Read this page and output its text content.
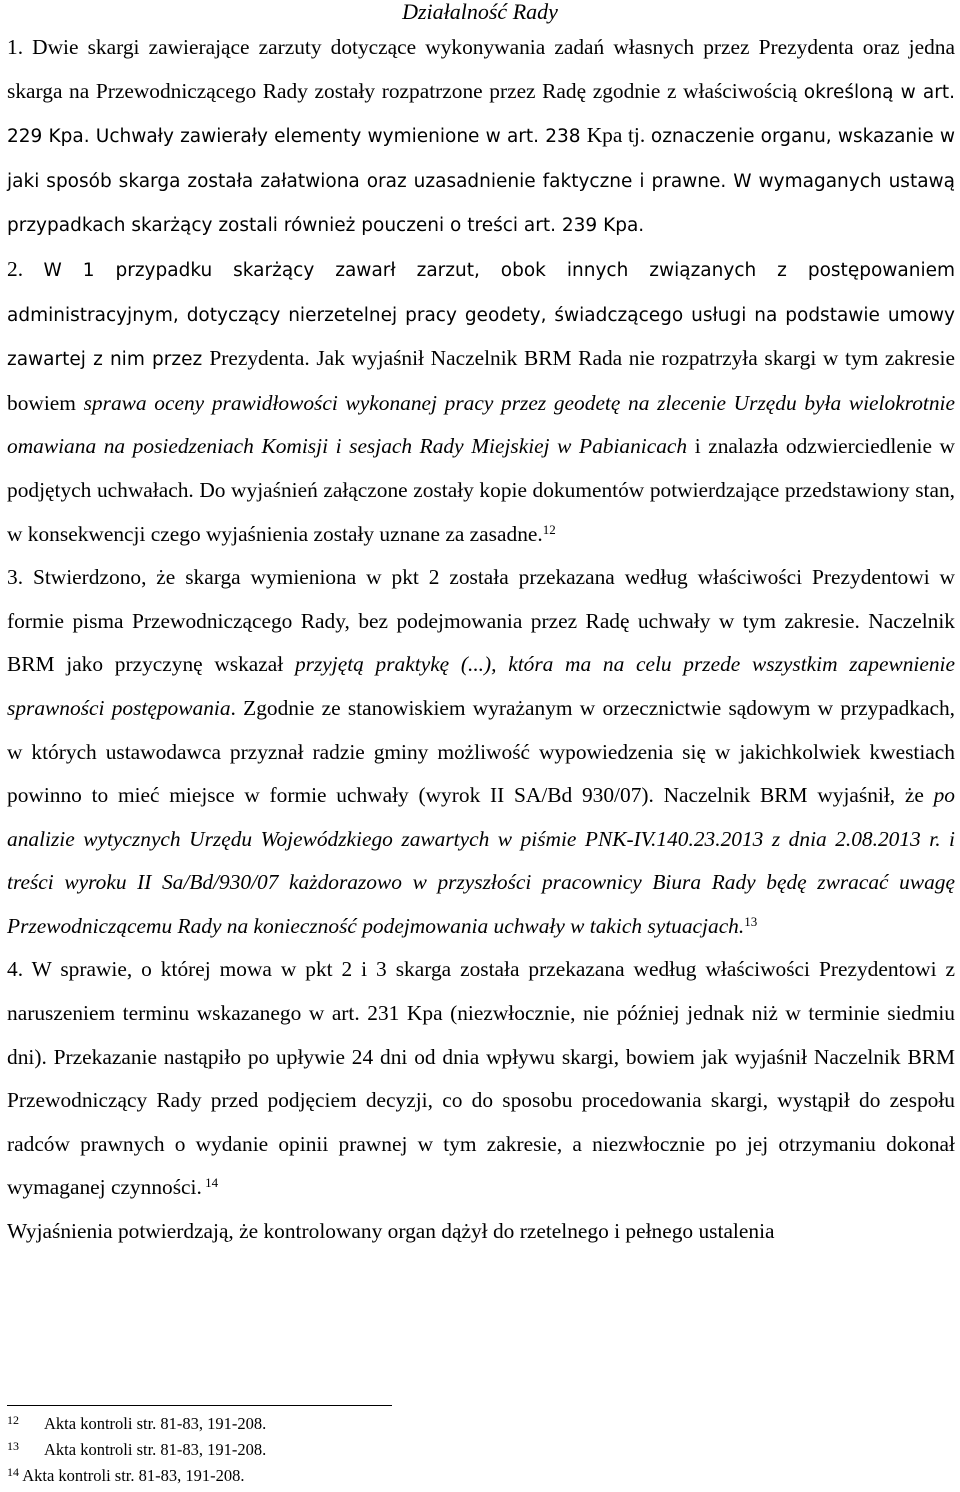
Działalność Rady

1. Dwie skargi zawierające zarzuty dotyczące wykonywania zadań własnych przez Prezydenta oraz jedna skarga na Przewodniczącego Rady zostały rozpatrzone przez Radę zgodnie z właściwością określoną w art. 229 Kpa. Uchwały zawierały elementy wymienione w art. 238 Kpa tj. oznaczenie organu, wskazanie w jaki sposób skarga została załatwiona oraz uzasadnienie faktyczne i prawne. W wymaganych ustawą przypadkach skarżący zostali również pouczeni o treści art. 239 Kpa.

2. W 1 przypadku skarżący zawarł zarzut, obok innych związanych z postępowaniem administracyjnym, dotyczący nierzetelnej pracy geodety, świadczącego usługi na podstawie umowy zawartej z nim przez Prezydenta. Jak wyjaśnił Naczelnik BRM Rada nie rozpatrzyła skargi w tym zakresie bowiem sprawa oceny prawidłowości wykonanej pracy przez geodetę na zlecenie Urzędu była wielokrotnie omawiana na posiedzeniach Komisji i sesjach Rady Miejskiej w Pabianicach i znalazła odzwierciedlenie w podjętych uchwałach. Do wyjaśnień załączone zostały kopie dokumentów potwierdzające przedstawiony stan, w konsekwencji czego wyjaśnienia zostały uznane za zasadne.$^{12}$

3. Stwierdzono, że skarga wymieniona w pkt 2 została przekazana według właściwości Prezydentowi w formie pisma Przewodniczącego Rady, bez podejmowania przez Radę uchwały w tym zakresie. Naczelnik BRM jako przyczynę wskazał przyjętą praktykę (...), która ma na celu przede wszystkim zapewnienie sprawności postępowania. Zgodnie ze stanowiskiem wyrażanym w orzecznictwie sądowym w przypadkach, w których ustawodawca przyznał radzie gminy możliwość wypowiedzenia się w jakichkolwiek kwestiach powinno to mieć miejsce w formie uchwały (wyrok II SA/Bd 930/07). Naczelnik BRM wyjaśnił, że po analizie wytycznych Urzędu Wojewódzkiego zawartych w piśmie PNK-IV.140.23.2013 z dnia 2.08.2013 r. i treści wyroku II Sa/Bd/930/07 każdorazowo w przyszłości pracownicy Biura Rady będę zwracać uwagę Przewodniczącemu Rady na konieczność podejmowania uchwały w takich sytuacjach.$^{13}$

4. W sprawie, o której mowa w pkt 2 i 3 skarga została przekazana według właściwości Prezydentowi z naruszeniem terminu wskazanego w art. 231 Kpa (niezwłocznie, nie później jednak niż w terminie siedmiu dni). Przekazanie nastąpiło po upływie 24 dni od dnia wpływu skargi, bowiem jak wyjaśnił Naczelnik BRM Przewodniczący Rady przed podjęciem decyzji, co do sposobu procedowania skargi, wystąpił do zespołu radców prawnych o wydanie opinii prawnej w tym zakresie, a niezwłocznie po jej otrzymaniu dokonał wymaganej czynności. $^{14}$

Wyjaśnienia potwierdzają, że kontrolowany organ dążył do rzetelnego i pełnego ustalenia

12 Akta kontroli str. 81-83, 191-208.
13 Akta kontroli str. 81-83, 191-208.
$^{14}$ Akta kontroli str. 81-83, 191-208.
